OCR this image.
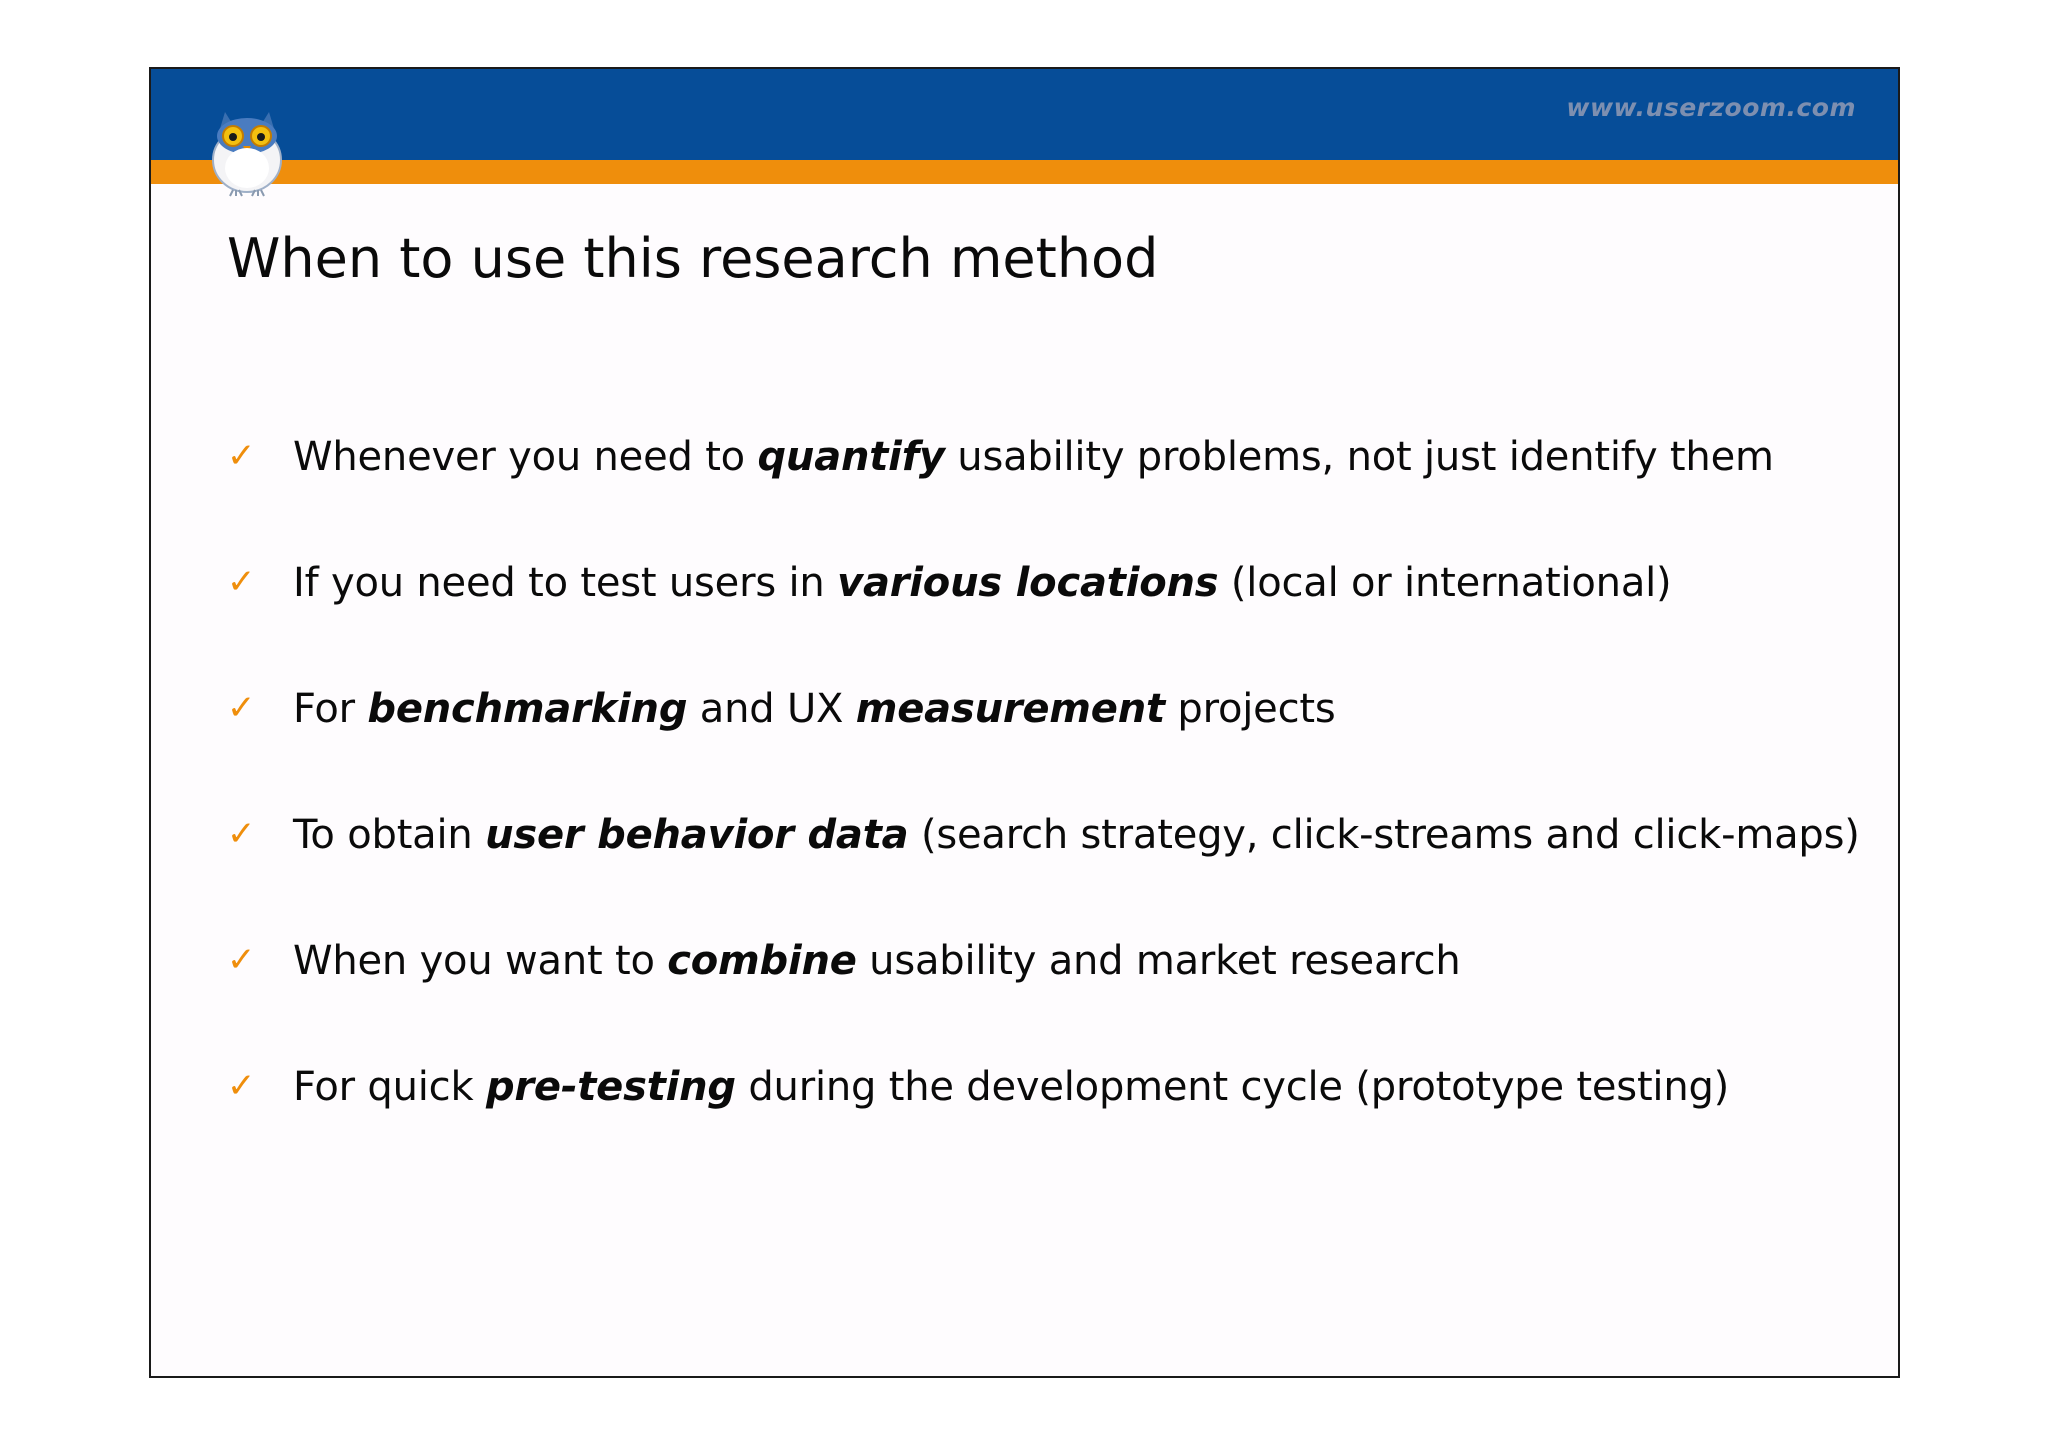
www.userzoom.com
When to use this research method
✓ Whenever you need to quantify usability problems, not just identify them
✓ If you need to test users in various locations (local or international)
✓ For benchmarking and UX measurement projects
✓ To obtain user behavior data (search strategy, click-streams and click-maps)
✓ When you want to combine usability and market research
✓ For quick pre-testing during the development cycle (prototype testing)
